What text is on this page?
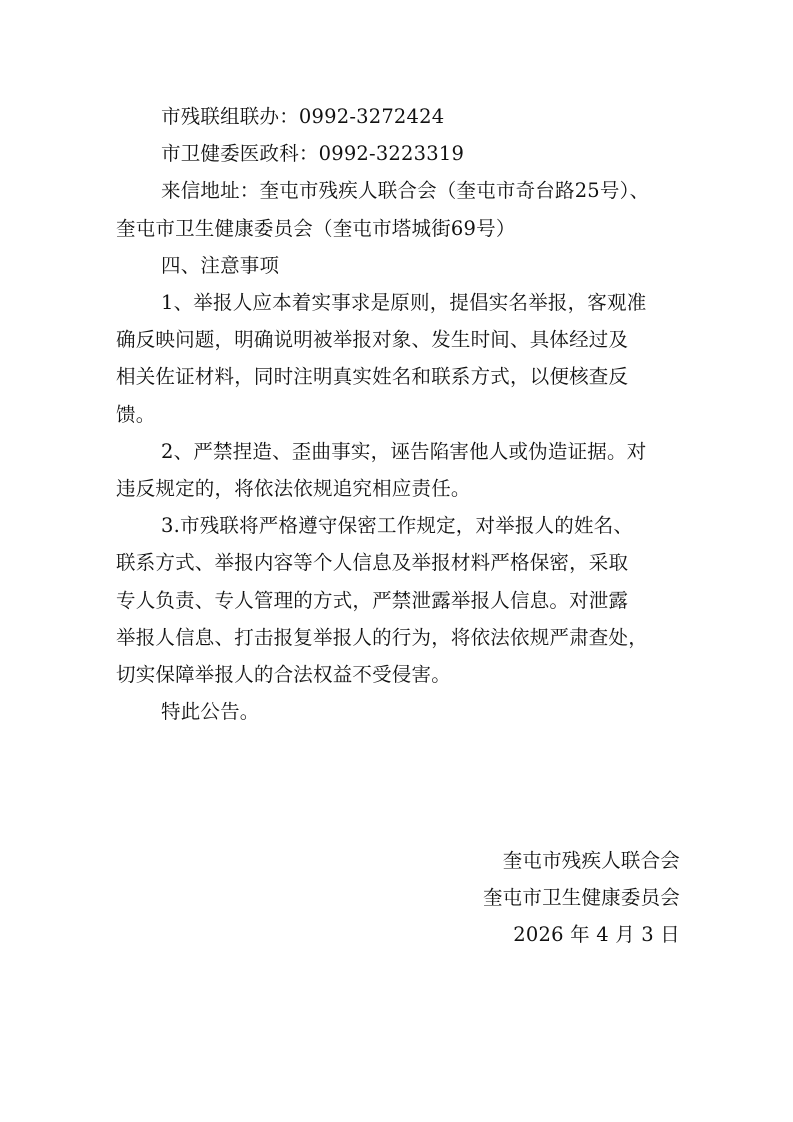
市残联组联办：0992-3272424
市卫健委医政科：0992-3223319
来信地址：奎屯市残疾人联合会（奎屯市奇台路25号）、
奎屯市卫生健康委员会（奎屯市塔城街69号）
四、注意事项
1、举报人应本着实事求是原则，提倡实名举报，客观准
确反映问题，明确说明被举报对象、发生时间、具体经过及
相关佐证材料，同时注明真实姓名和联系方式，以便核查反
馈。
2、严禁捏造、歪曲事实，诬告陷害他人或伪造证据。对
违反规定的，将依法依规追究相应责任。
3.市残联将严格遵守保密工作规定，对举报人的姓名、
联系方式、举报内容等个人信息及举报材料严格保密，采取
专人负责、专人管理的方式，严禁泄露举报人信息。对泄露
举报人信息、打击报复举报人的行为，将依法依规严肃查处，
切实保障举报人的合法权益不受侵害。
特此公告。
奎屯市残疾人联合会
奎屯市卫生健康委员会
2026 年 4 月 3 日
